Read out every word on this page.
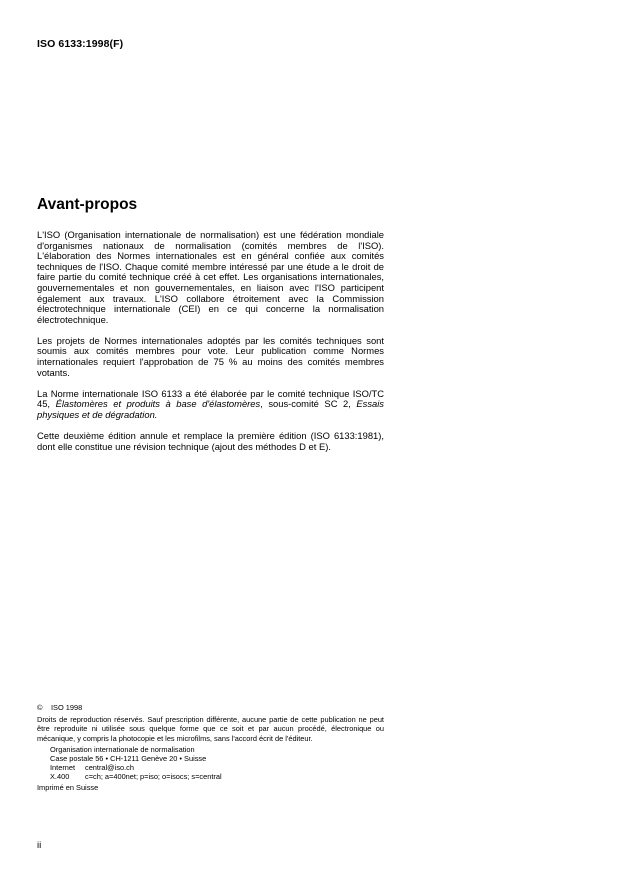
ISO 6133:1998(F)
Avant-propos

L'ISO (Organisation internationale de normalisation) est une fédération mondiale d'organismes nationaux de normalisation (comités membres de l'ISO). L'élaboration des Normes internationales est en général confiée aux comités techniques de l'ISO. Chaque comité membre intéressé par une étude a le droit de faire partie du comité technique créé à cet effet. Les organisations internationales, gouvernementales et non gouvernementales, en liaison avec l'ISO participent également aux travaux. L'ISO collabore étroitement avec la Commission électrotechnique internationale (CEI) en ce qui concerne la normalisation électrotechnique.

Les projets de Normes internationales adoptés par les comités techniques sont soumis aux comités membres pour vote. Leur publication comme Normes internationales requiert l'approbation de 75 % au moins des comités membres votants.

La Norme internationale ISO 6133 a été élaborée par le comité technique ISO/TC 45, Élastomères et produits à base d'élastomères, sous-comité SC 2, Essais physiques et de dégradation.

Cette deuxième édition annule et remplace la première édition (ISO 6133:1981), dont elle constitue une révision technique (ajout des méthodes D et E).

© ISO 1998
Droits de reproduction réservés. Sauf prescription différente, aucune partie de cette publication ne peut être reproduite ni utilisée sous quelque forme que ce soit et par aucun procédé, électronique ou mécanique, y compris la photocopie et les microfilms, sans l'accord écrit de l'éditeur.
Organisation internationale de normalisation
Case postale 56 • CH-1211 Genève 20 • Suisse
Internet central@iso.ch
X.400 c=ch; a=400net; p=iso; o=isocs; s=central
Imprimé en Suisse
ii
